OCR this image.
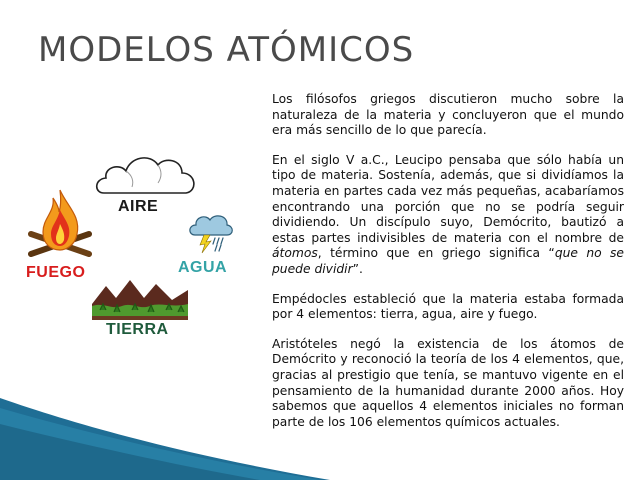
MODELOS ATÓMICOS
AIRE
FUEGO	AGUA
TIERRA

Los filósofos griegos discutieron mucho sobre la naturaleza de la materia y concluyeron que el mundo era más sencillo de lo que parecía.

En el siglo V a.C., Leucipo pensaba que sólo había un tipo de materia. Sostenía, además, que si dividíamos la materia en partes cada vez más pequeñas, acabaríamos encontrando una porción que no se podría seguir dividiendo. Un discípulo suyo, Demócrito, bautizó a estas partes indivisibles de materia con el nombre de átomos, término que en griego significa “que no se puede dividir”.

Empédocles estableció que la materia estaba formada por 4 elementos: tierra, agua, aire y fuego.

Aristóteles negó la existencia de los átomos de Demócrito y reconoció la teoría de los 4 elementos, que, gracias al prestigio que tenía, se mantuvo vigente en el pensamiento de la humanidad durante 2000 años. Hoy sabemos que aquellos 4 elementos iniciales no forman parte de los 106 elementos químicos actuales.
